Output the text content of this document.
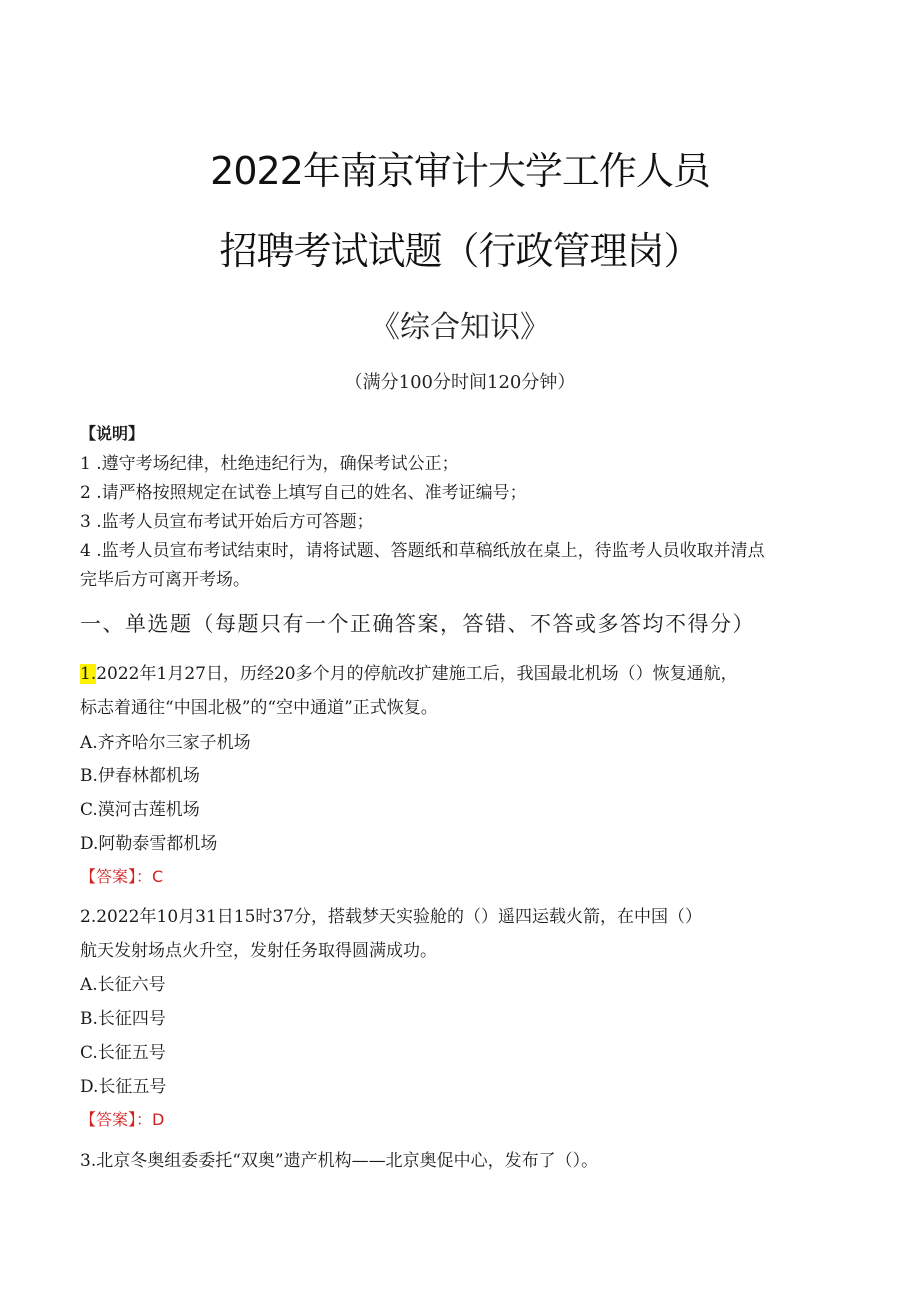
2022年南京审计大学工作人员
招聘考试试题（行政管理岗）
《综合知识》
（满分100分时间120分钟）
【说明】
1 .遵守考场纪律，杜绝违纪行为，确保考试公正；
2 .请严格按照规定在试卷上填写自己的姓名、准考证编号；
3 .监考人员宣布考试开始后方可答题；
4 .监考人员宣布考试结束时，请将试题、答题纸和草稿纸放在桌上，待监考人员收取并清点
完毕后方可离开考场。
一、单选题（每题只有一个正确答案，答错、不答或多答均不得分）
1.2022年1月27日，历经20多个月的停航改扩建施工后，我国最北机场（）恢复通航，
标志着通往“中国北极”的“空中通道”正式恢复。
A.齐齐哈尔三家子机场
B.伊春林都机场
C.漠河古莲机场
D.阿勒泰雪都机场
【答案】：C
2.2022年10月31日15时37分，搭载梦天实验舱的（）遥四运载火箭，在中国（）
航天发射场点火升空，发射任务取得圆满成功。
A.长征六号
B.长征四号
C.长征五号
D.长征五号
【答案】：D
3.北京冬奥组委委托“双奥”遗产机构——北京奥促中心，发布了（）。
